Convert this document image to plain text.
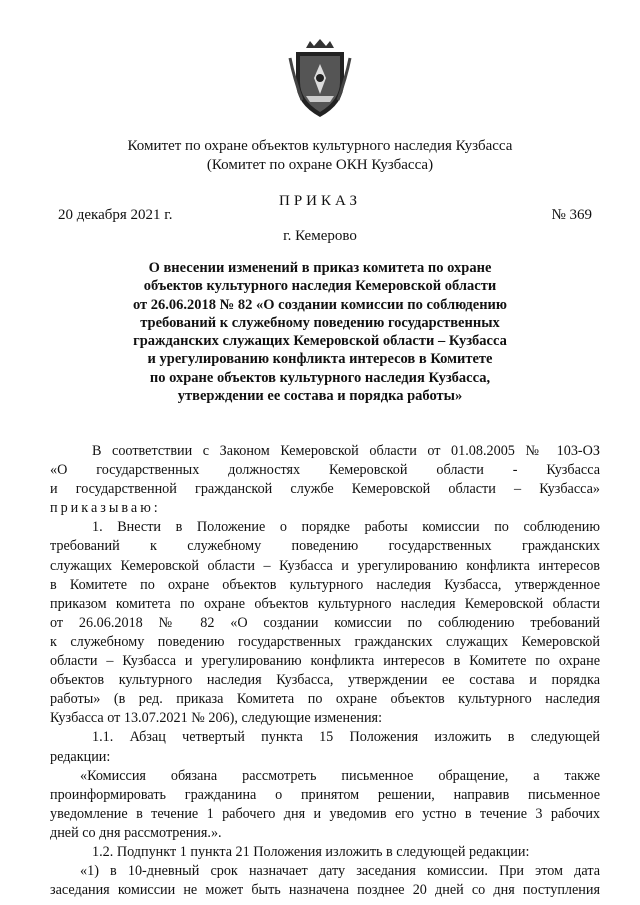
Комитет по охране объектов культурного наследия Кузбасса
(Комитет по охране ОКН Кузбасса)
ПРИКАЗ
20 декабря 2021 г.	№ 369
г. Кемерово
О внесении изменений в приказ комитета по охране
объектов культурного наследия Кемеровской области
от 26.06.2018 № 82 «О создании комиссии по соблюдению
требований к служебному поведению государственных
гражданских служащих Кемеровской области – Кузбасса
и урегулированию конфликта интересов в Комитете
по охране объектов культурного наследия Кузбасса,
утверждении ее состава и порядка работы»
В соответствии с Законом Кемеровской области от 01.08.2005 № 103-ОЗ
«О государственных должностях Кемеровской области - Кузбасса
и государственной гражданской службе Кемеровской области – Кузбасса»
приказываю:
1. Внести в Положение о порядке работы комиссии по соблюдению
требований к служебному поведению государственных гражданских
служащих Кемеровской области – Кузбасса и урегулированию конфликта интересов
в Комитете по охране объектов культурного наследия Кузбасса, утвержденное
приказом комитета по охране объектов культурного наследия Кемеровской области
от 26.06.2018 № 82 «О создании комиссии по соблюдению требований
к служебному поведению государственных гражданских служащих Кемеровской
области – Кузбасса и урегулированию конфликта интересов в Комитете по охране
объектов культурного наследия Кузбасса, утверждении ее состава и порядка
работы» (в ред. приказа Комитета по охране объектов культурного наследия
Кузбасса от 13.07.2021 № 206), следующие изменения:
1.1. Абзац четвертый пункта 15 Положения изложить в следующей
редакции:
«Комиссия обязана рассмотреть письменное обращение, а также
проинформировать гражданина о принятом решении, направив письменное
уведомление в течение 1 рабочего дня и уведомив его устно в течение 3 рабочих
дней со дня рассмотрения.».
1.2. Подпункт 1 пункта 21 Положения изложить в следующей редакции:
«1) в 10-дневный срок назначает дату заседания комиссии. При этом дата
заседания комиссии не может быть назначена позднее 20 дней со дня поступления
